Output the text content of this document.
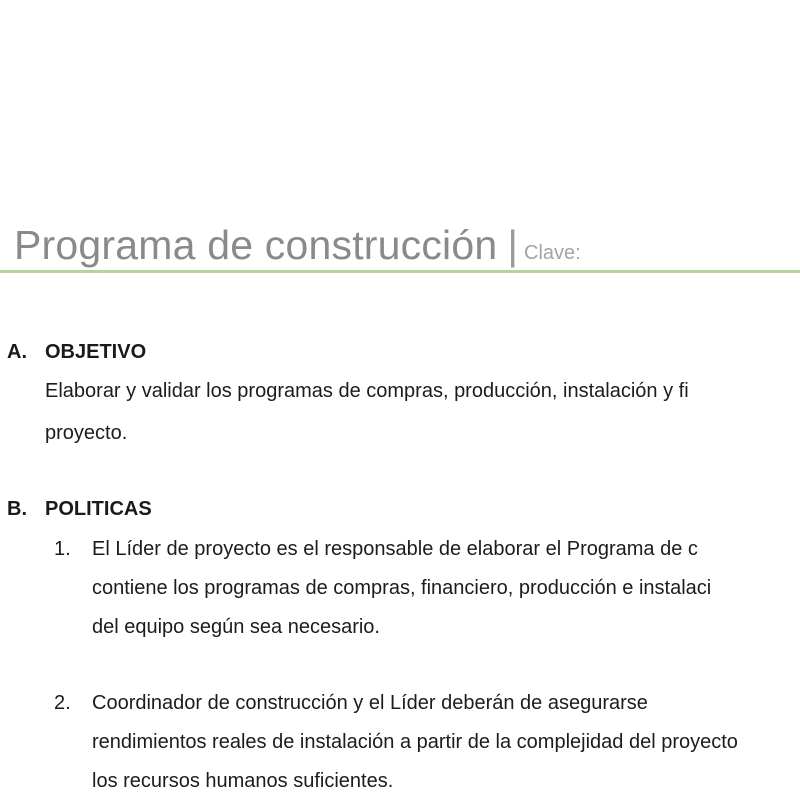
Programa de construcción | Clave:
A. OBJETIVO
Elaborar y validar los programas de compras, producción, instalación y fi
proyecto.
B. POLITICAS
1. El Líder de proyecto es el responsable de elaborar el Programa de c
contiene los programas de compras, financiero, producción e instalaci
del equipo según sea necesario.
2. Coordinador de construcción y el Líder deberán de asegurarse
rendimientos reales de instalación a partir de la complejidad del proyecto
los recursos humanos suficientes.
